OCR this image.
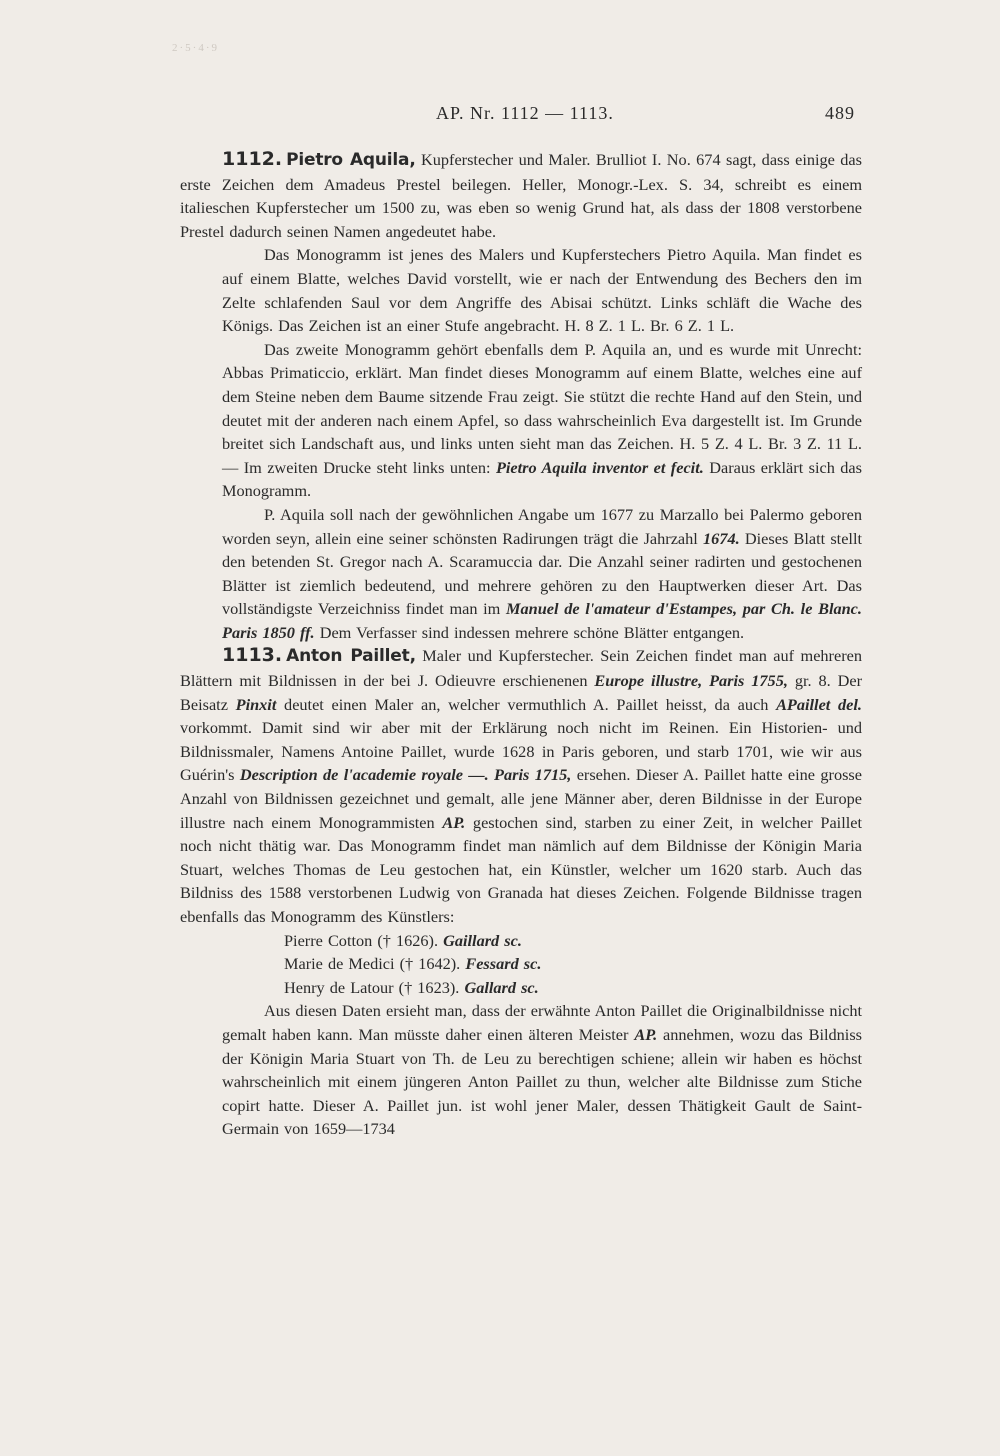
2·5·4·9
AP. Nr. 1112 — 1113.	489

1112. Pietro Aquila, Kupferstecher und Maler. Brulliot I. No. 674 sagt, dass einige das erste Zeichen dem Amadeus Prestel beilegen. Heller, Monogr.-Lex. S. 34, schreibt es einem italieschen Kupferstecher um 1500 zu, was eben so wenig Grund hat, als dass der 1808 verstorbene Prestel dadurch seinen Namen angedeutet habe.

Das Monogramm ist jenes des Malers und Kupferstechers Pietro Aquila. Man findet es auf einem Blatte, welches David vorstellt, wie er nach der Entwendung des Bechers den im Zelte schlafenden Saul vor dem Angriffe des Abisai schützt. Links schläft die Wache des Königs. Das Zeichen ist an einer Stufe angebracht. H. 8 Z. 1 L. Br. 6 Z. 1 L.

Das zweite Monogramm gehört ebenfalls dem P. Aquila an, und es wurde mit Unrecht: Abbas Primaticcio, erklärt. Man findet dieses Monogramm auf einem Blatte, welches eine auf dem Steine neben dem Baume sitzende Frau zeigt. Sie stützt die rechte Hand auf den Stein, und deutet mit der anderen nach einem Apfel, so dass wahrscheinlich Eva dargestellt ist. Im Grunde breitet sich Landschaft aus, und links unten sieht man das Zeichen. H. 5 Z. 4 L. Br. 3 Z. 11 L. — Im zweiten Drucke steht links unten: Pietro Aquila inventor et fecit. Daraus erklärt sich das Monogramm.

P. Aquila soll nach der gewöhnlichen Angabe um 1677 zu Marzallo bei Palermo geboren worden seyn, allein eine seiner schönsten Radirungen trägt die Jahrzahl 1674. Dieses Blatt stellt den betenden St. Gregor nach A. Scaramuccia dar. Die Anzahl seiner radirten und gestochenen Blätter ist ziemlich bedeutend, und mehrere gehören zu den Hauptwerken dieser Art. Das vollständigste Verzeichniss findet man im Manuel de l'amateur d'Estampes, par Ch. le Blanc. Paris 1850 ff. Dem Verfasser sind indessen mehrere schöne Blätter entgangen.

1113. Anton Paillet, Maler und Kupferstecher. Sein Zeichen findet man auf mehreren Blättern mit Bildnissen in der bei J. Odieuvre erschienenen Europe illustre, Paris 1755, gr. 8. Der Beisatz Pinxit deutet einen Maler an, welcher vermuthlich A. Paillet heisst, da auch APaillet del. vorkommt. Damit sind wir aber mit der Erklärung noch nicht im Reinen. Ein Historien- und Bildnissmaler, Namens Antoine Paillet, wurde 1628 in Paris geboren, und starb 1701, wie wir aus Guérin's Description de l'academie royale —. Paris 1715, ersehen. Dieser A. Paillet hatte eine grosse Anzahl von Bildnissen gezeichnet und gemalt, alle jene Männer aber, deren Bildnisse in der Europe illustre nach einem Monogrammisten AP. gestochen sind, starben zu einer Zeit, in welcher Paillet noch nicht thätig war. Das Monogramm findet man nämlich auf dem Bildnisse der Königin Maria Stuart, welches Thomas de Leu gestochen hat, ein Künstler, welcher um 1620 starb. Auch das Bildniss des 1588 verstorbenen Ludwig von Granada hat dieses Zeichen. Folgende Bildnisse tragen ebenfalls das Monogramm des Künstlers:

Pierre Cotton († 1626). Gaillard sc.
Marie de Medici († 1642). Fessard sc.
Henry de Latour († 1623). Gallard sc.

Aus diesen Daten ersieht man, dass der erwähnte Anton Paillet die Originalbildnisse nicht gemalt haben kann. Man müsste daher einen älteren Meister AP. annehmen, wozu das Bildniss der Königin Maria Stuart von Th. de Leu zu berechtigen schiene; allein wir haben es höchst wahrscheinlich mit einem jüngeren Anton Paillet zu thun, welcher alte Bildnisse zum Stiche copirt hatte. Dieser A. Paillet jun. ist wohl jener Maler, dessen Thätigkeit Gault de Saint-Germain von 1659—1734
